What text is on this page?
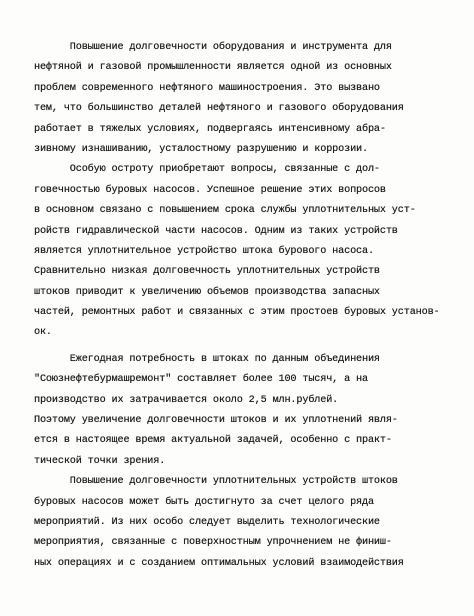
Повышение долговечности оборудования и инструмента для
нефтяной и газовой промышленности является одной из основных
проблем современного нефтяного машиностроения. Это вызвано
тем, что большинство деталей нефтяного и газового оборудования
работает в тяжелых условиях, подвергаясь интенсивному абра-
зивному изнашиванию, усталостному разрушению и коррозии.
Особую остроту приобретают вопросы, связанные с дол-
говечностью буровых насосов. Успешное решение этих вопросов
в основном связано с повышением срока службы уплотнительных уст-
ройств гидравлической части насосов. Одним из таких устройств
является уплотнительное устройство штока бурового насоса.
Сравнительно низкая долговечность уплотнительных устройств
штоков приводит к увеличению объемов производства запасных
частей, ремонтных работ и связанных с этим простоев буровых установ-
ок.
Ежегодная потребность в штоках по данным объединения
"Союзнефтебурмашремонт" составляет более 100 тысяч, а на
производство их затрачивается около 2,5 млн.рублей.
Поэтому увеличение долговечности штоков и их уплотнений явля-
ется в настоящее время актуальной задачей, особенно с практ-
тической точки зрения.
Повышение долговечности уплотнительных устройств штоков
буровых насосов может быть достигнуто за счет целого ряда
мероприятий. Из них особо следует выделить технологические
мероприятия, связанные с поверхностным упрочнением не финиш-
ных операциях и с созданием оптимальных условий взаимодействия
